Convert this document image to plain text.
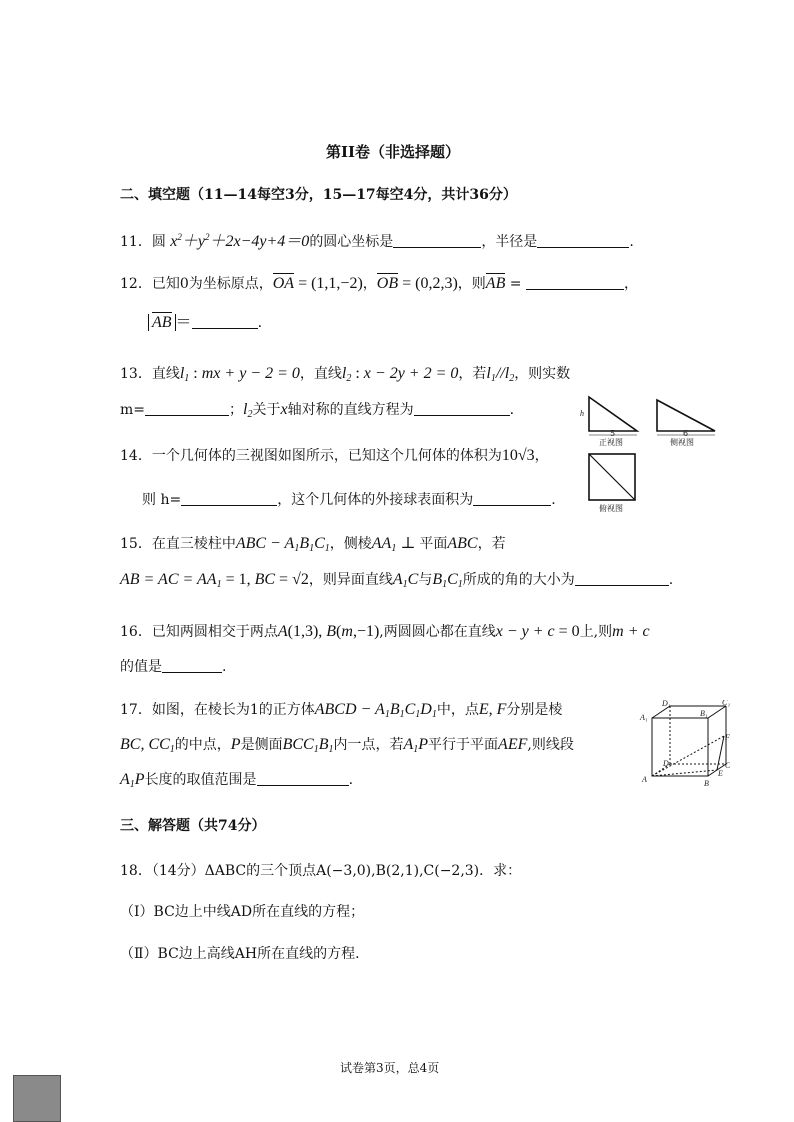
第II卷（非选择题）
二、填空题（11—14每空3分，15—17每空4分，共计36分）
11．圆 $x^2+y^2+2x-4y+4=0$的圆心坐标是	，半径是	.
12．已知0为坐标原点，OA = (1,1,−2)，OB = (0,2,3)，则AB =	，
AB ＝	.
13．直线$l_1$ : mx + y − 2 = 0，直线$l_2$ : x − 2y + 2 = 0，若$l_1//l_2$，则实数
m=	；$l_2$关于x轴对称的直线方程为	.	h
5
正视图
6
侧视图
俯视图
14．一个几何体的三视图如图所示，已知这个几何体的体积为10√3，
则 h=	，这个几何体的外接球表面积为	.
15．在直三棱柱中ABC − $A_1B_1C_1$，侧棱$AA_1$ ⊥ 平面ABC，若
AB = AC = $AA_1 = 1$, BC = √2，则异面直线$A_1C$与$B_1C_1$所成的角的大小为	.
16．已知两圆相交于两点A(1,3), B(m,−1),两圆圆心都在直线x − y + c = 0上,则m + c
的值是	.
17．如图，在棱长为1的正方体ABCD − $A_1B_1C_1D_1$中，点E, F分别是棱
BC, $CC_1$的中点，P是侧面$BCC_1B_1$内一点，若$A_1P$平行于平面AEF,则线段
$A_1P$长度的取值范围是	.
D₁	C₁
A₁	B₁
F
D	C
E
A	B
三、解答题（共74分）
18．（14分）ΔABC的三个顶点A(−3,0),B(2,1),C(−2,3)．求：
（Ⅰ）BC边上中线AD所在直线的方程；
（Ⅱ）BC边上高线AH所在直线的方程.
试卷第3页，总4页
